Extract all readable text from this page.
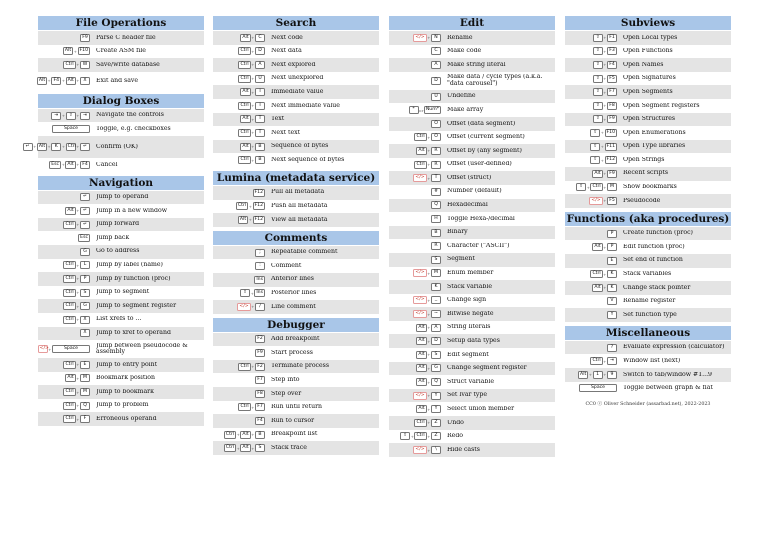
File Operations
F9	Parse C header file
Alt + F10	Create ASM file
Ctrl + W	Save/write database
Alt + F4 + Alt + X	Exit and save
Dialog Boxes
⇥ + ⇧ + ⇥	Navigate the controls
Space	Toggle, e.g. checkboxes
↵ + Alt + K	+ Ctrl + ↵	Confirm (OK)
Esc + Alt + F4	Cancel
Navigation
↵	Jump to operand
Alt + ↵	Jump in a new window
Ctrl + ↵	Jump forward
Esc	Jump back
G	Go to address
Ctrl + L	Jump by label (name)
Ctrl + P	Jump by function (proc)
Ctrl + S	Jump to segment
Ctrl + G	Jump to segment register
Ctrl + X	List xrefs to ...
X	Jump to xref to operand
</> +	Space	Jump between pseudocode & assembly
Ctrl + E	Jump to entry point
Alt + M	Bookmark position
Ctrl + M	Jump to bookmark
Ctrl + Q	Jump to problem
Ctrl + F	Erroneous operand
Search
Alt + C	Next code
Ctrl + D	Next data
Ctrl + A	Next explored
Ctrl + U	Next unexplored
Alt +	I	Immediate value
Ctrl +	I	Next immediate value
Alt + T	Text
Ctrl + T	Next text
Alt + B	Sequence of bytes
Ctrl + B	Next sequence of bytes
Lumina (metadata service)
F12	Pull all metadata
Ctrl + F12	Push all metadata
Alt + F12	View all metadata
Comments
;	Repeatable comment
:	Comment
Ins	Anterior lines
⇧ + Ins	Posterior lines
</> +	/	Line comment
Debugger
F2	Add breakpoint
F9	Start process
Ctrl + F2	Terminate process
F7	Step into
F8	Step over
Ctrl + F7	Run until return
F4	Run to cursor
Ctrl + Alt + B	Breakpoint list
Ctrl + Alt + S	Stack trace
Edit
</> + N	Rename
C	Make code
A	Make string literal
D	Make data / cycle types (a.k.a. "data carousel")
U	Undefine
*	or Num*	Make array
O	Offset (data segment)
Ctrl + O	Offset (current segment)
Alt + R	Offset by (any segment)
Ctrl + R	Offset (user-defined)
</> + T	Offset (struct)
#	Number (default)
Q	Hexadecimal
H	Toggle Hexa-/decimal
B	Binary
R	Character ("ASCII")
S	Segment
</> + M	Enum member
K	Stack variable
</> + _	Change sign
</> + ~	Bitwise negate
Alt + A	String literals
Alt + D	Setup data types
Alt + S	Edit segment
Alt + G	Change segment register
Alt + Q	Struct variable
</> + Y	Set lvar type
Alt + Y	Select union member
Ctrl + Z	Undo
⇧ + Ctrl + Z	Redo
</> +	\	Hide casts
Subviews
⇧ + F1	Open Local types
⇧ + F3	Open Functions
⇧ + F4	Open Names
⇧ + F5	Open Signatures
⇧ + F7	Open Segments
⇧ + F8	Open Segment registers
⇧ + F9	Open Structures
⇧ + F10	Open Enumerations
⇧ + F11	Open Type libraries
⇧ + F12	Open Strings
Alt + F9	Recent scripts
⇧ + Ctrl + M	Show bookmarks
</> + F5	Pseudocode
Functions (aka procedures)
P	Create function (proc)
Alt + P	Edit function (proc)
E	Set end of function
Ctrl + K	Stack variables
Alt + K	Change stack pointer
V	Rename register
Y	Set function type
Miscellaneous
?	Evaluate expression (calculator)
Ctrl + ⇥	Window list (next)
Alt + 1	+ 9	Switch to tab/window #1...9
Space	Toggle between graph & flat
CC0 ⓒ Oliver Schneider (assarbad.net), 2022-2023
